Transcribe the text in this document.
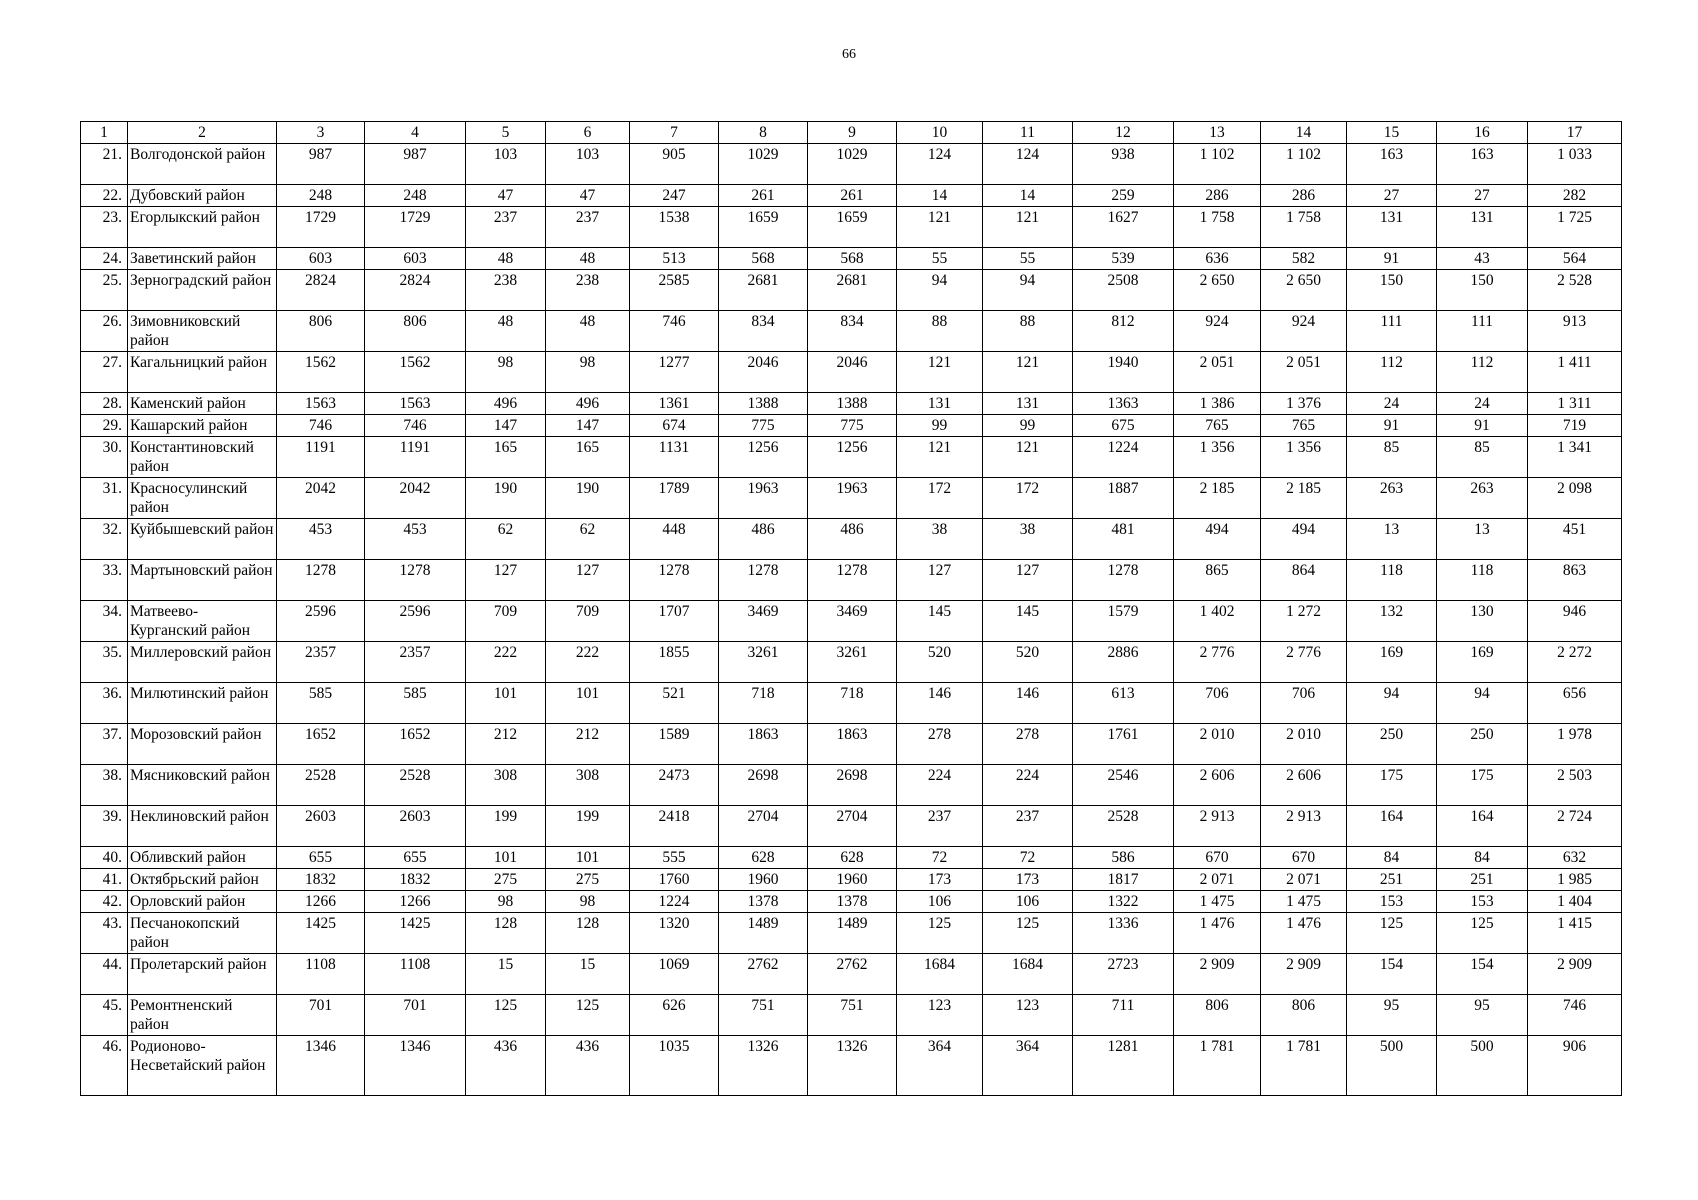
66
1	2	3	4	5	6	7	8	9	10	11	12	13	14	15	16	17
21.	Волгодонской район	987	987	103	103	905	1029	1029	124	124	938	1 102	1 102	163	163	1 033
22.	Дубовский район	248	248	47	47	247	261	261	14	14	259	286	286	27	27	282
23.	Егорлыкский район	1729	1729	237	237	1538	1659	1659	121	121	1627	1 758	1 758	131	131	1 725
24.	Заветинский район	603	603	48	48	513	568	568	55	55	539	636	582	91	43	564
25.	Зерноградский район	2824	2824	238	238	2585	2681	2681	94	94	2508	2 650	2 650	150	150	2 528
26.	Зимовниковский район	806	806	48	48	746	834	834	88	88	812	924	924	111	111	913
27.	Кагальницкий район	1562	1562	98	98	1277	2046	2046	121	121	1940	2 051	2 051	112	112	1 411
28.	Каменский район	1563	1563	496	496	1361	1388	1388	131	131	1363	1 386	1 376	24	24	1 311
29.	Кашарский район	746	746	147	147	674	775	775	99	99	675	765	765	91	91	719
30.	Константиновский район	1191	1191	165	165	1131	1256	1256	121	121	1224	1 356	1 356	85	85	1 341
31.	Красносулинский район	2042	2042	190	190	1789	1963	1963	172	172	1887	2 185	2 185	263	263	2 098
32.	Куйбышевский район	453	453	62	62	448	486	486	38	38	481	494	494	13	13	451
33.	Мартыновский район	1278	1278	127	127	1278	1278	1278	127	127	1278	865	864	118	118	863
34.	Матвеево-Курганский район	2596	2596	709	709	1707	3469	3469	145	145	1579	1 402	1 272	132	130	946
35.	Миллеровский район	2357	2357	222	222	1855	3261	3261	520	520	2886	2 776	2 776	169	169	2 272
36.	Милютинский район	585	585	101	101	521	718	718	146	146	613	706	706	94	94	656
37.	Морозовский район	1652	1652	212	212	1589	1863	1863	278	278	1761	2 010	2 010	250	250	1 978
38.	Мясниковский район	2528	2528	308	308	2473	2698	2698	224	224	2546	2 606	2 606	175	175	2 503
39.	Неклиновский район	2603	2603	199	199	2418	2704	2704	237	237	2528	2 913	2 913	164	164	2 724
40.	Обливский район	655	655	101	101	555	628	628	72	72	586	670	670	84	84	632
41.	Октябрьский район	1832	1832	275	275	1760	1960	1960	173	173	1817	2 071	2 071	251	251	1 985
42.	Орловский район	1266	1266	98	98	1224	1378	1378	106	106	1322	1 475	1 475	153	153	1 404
43.	Песчанокопский район	1425	1425	128	128	1320	1489	1489	125	125	1336	1 476	1 476	125	125	1 415
44.	Пролетарский район	1108	1108	15	15	1069	2762	2762	1684	1684	2723	2 909	2 909	154	154	2 909
45.	Ремонтненский район	701	701	125	125	626	751	751	123	123	711	806	806	95	95	746
46.	Родионово-Несветайский район	1346	1346	436	436	1035	1326	1326	364	364	1281	1 781	1 781	500	500	906
